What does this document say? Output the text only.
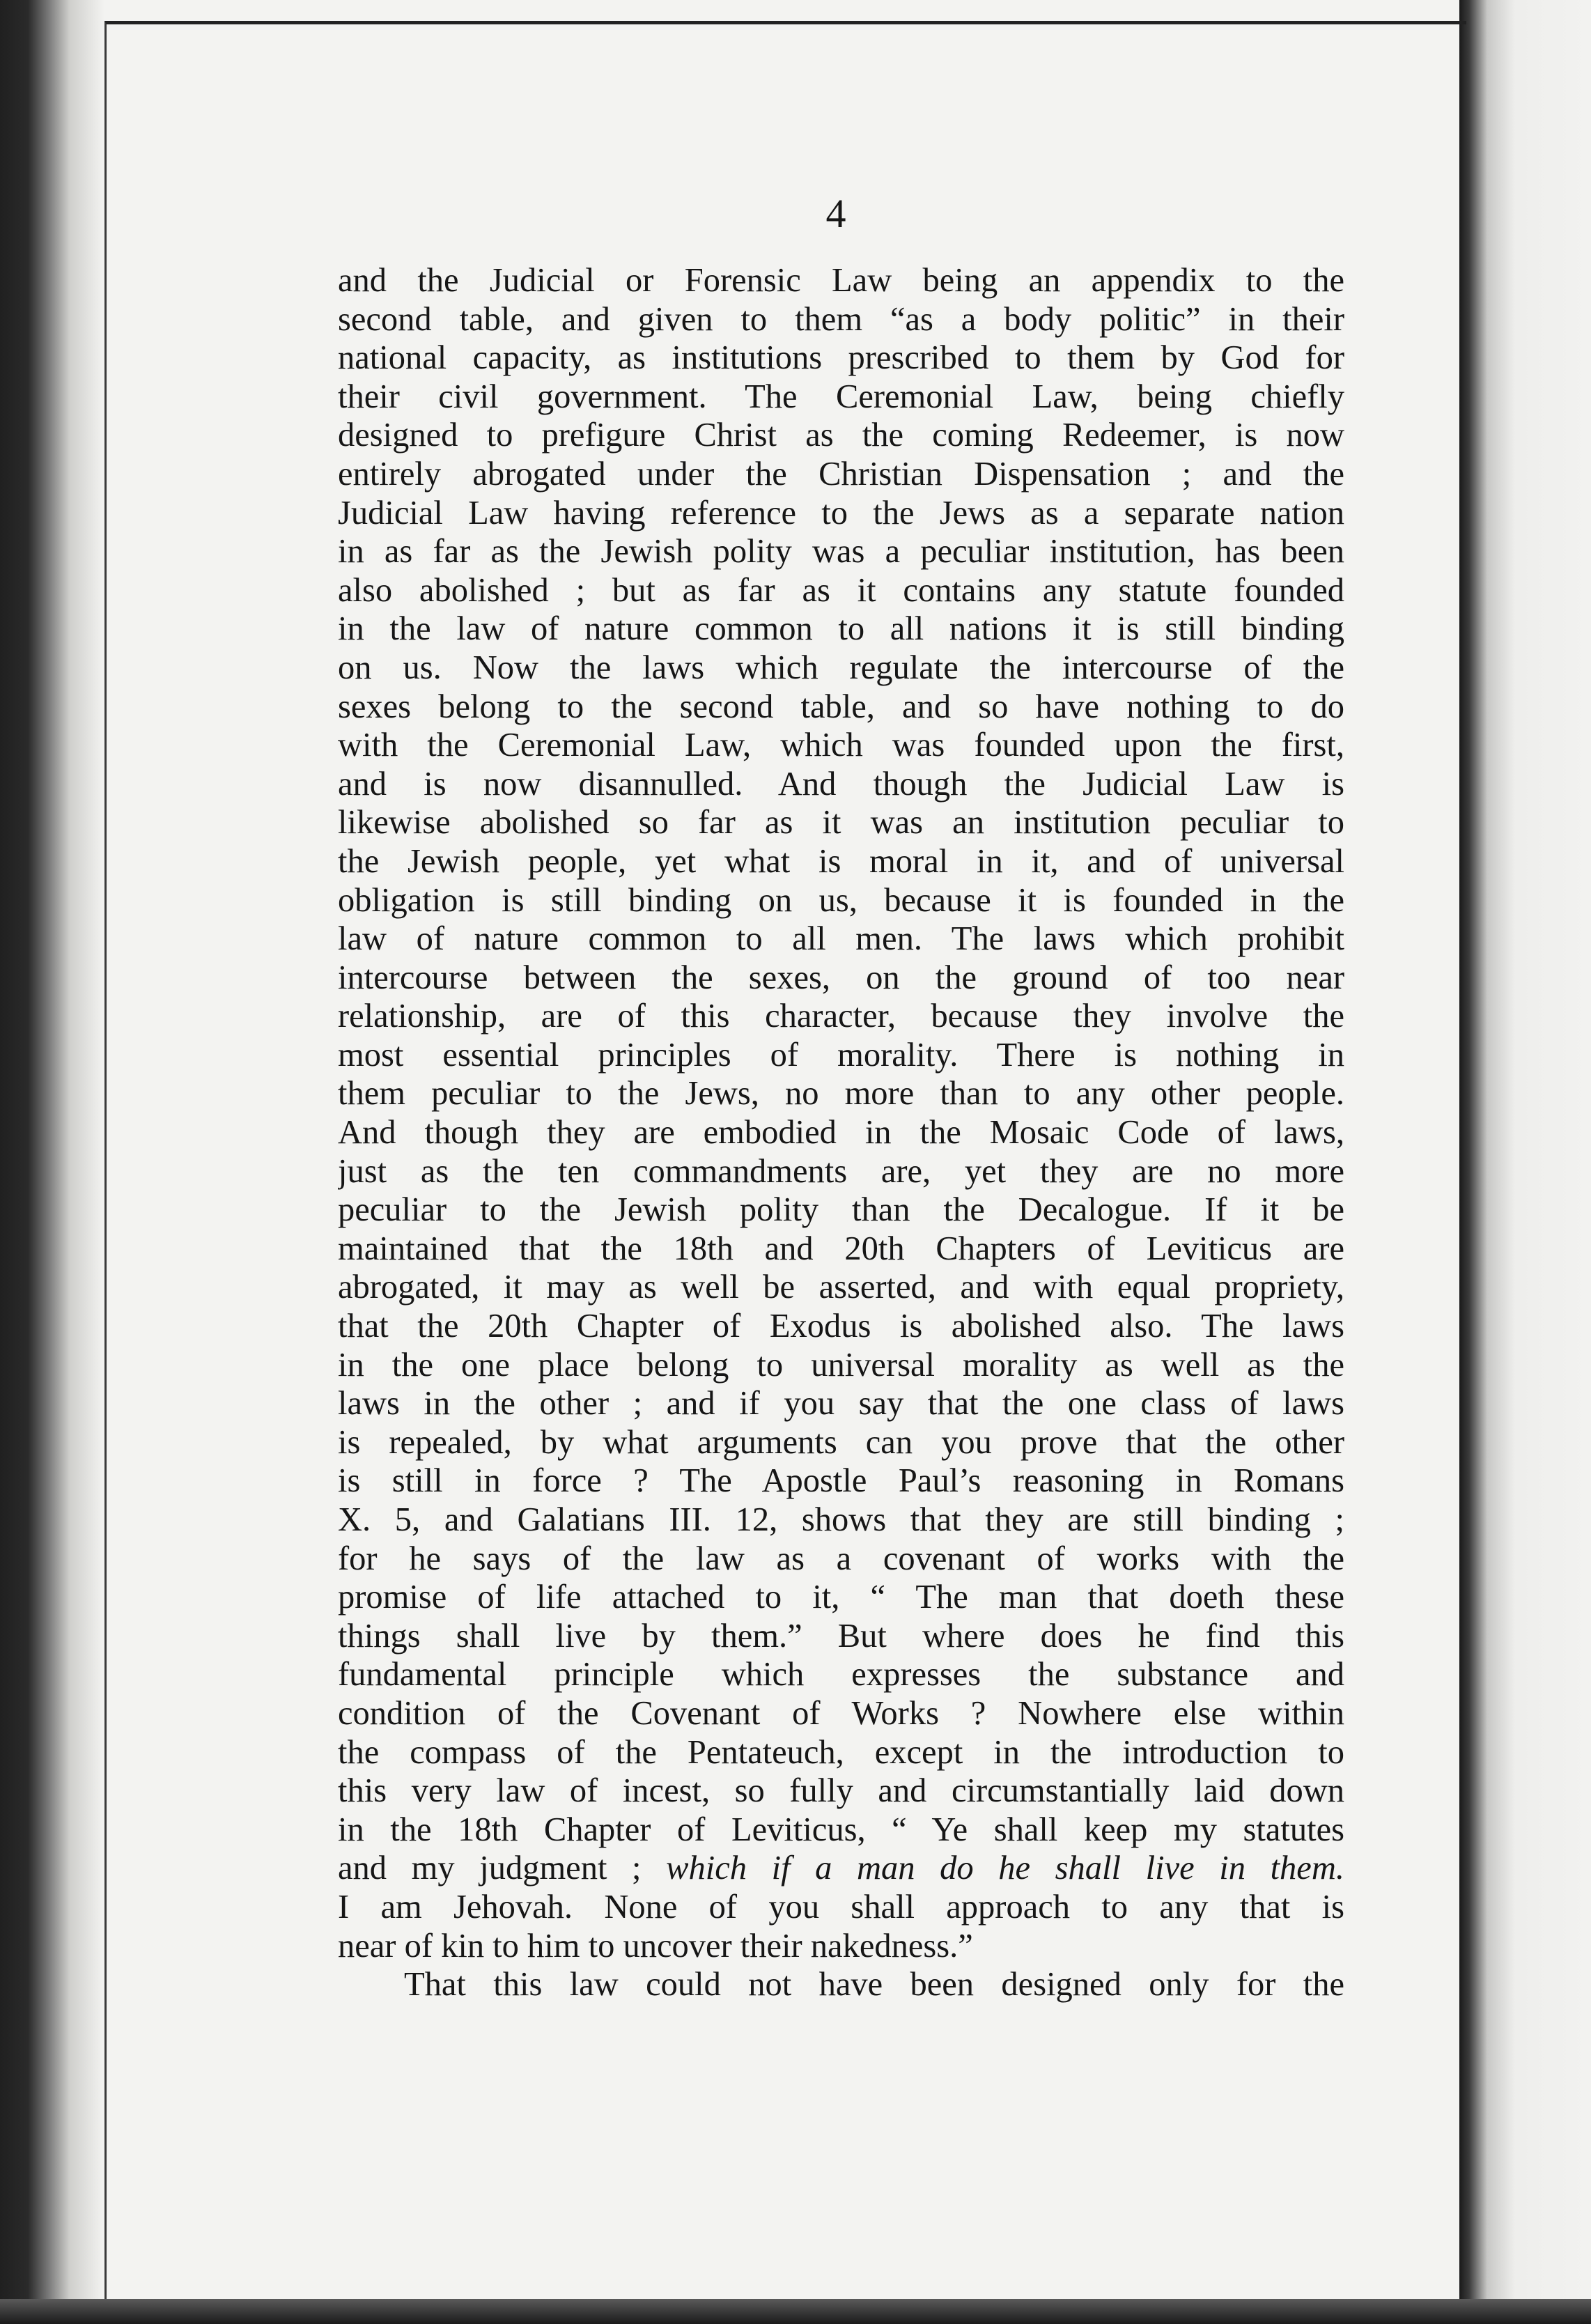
4
and the Judicial or Forensic Law being an appendix to the
second table, and given to them “as a body politic” in their
national capacity, as institutions prescribed to them by God for
their civil government. The Ceremonial Law, being chiefly
designed to prefigure Christ as the coming Redeemer, is now
entirely abrogated under the Christian Dispensation ; and the
Judicial Law having reference to the Jews as a separate nation
in as far as the Jewish polity was a peculiar institution, has been
also abolished ; but as far as it contains any statute founded
in the law of nature common to all nations it is still binding
on us. Now the laws which regulate the intercourse of the
sexes belong to the second table, and so have nothing to do
with the Ceremonial Law, which was founded upon the first,
and is now disannulled. And though the Judicial Law is
likewise abolished so far as it was an institution peculiar to
the Jewish people, yet what is moral in it, and of universal
obligation is still binding on us, because it is founded in the
law of nature common to all men. The laws which prohibit
intercourse between the sexes, on the ground of too near
relationship, are of this character, because they involve the
most essential principles of morality. There is nothing in
them peculiar to the Jews, no more than to any other people.
And though they are embodied in the Mosaic Code of laws,
just as the ten commandments are, yet they are no more
peculiar to the Jewish polity than the Decalogue. If it be
maintained that the 18th and 20th Chapters of Leviticus are
abrogated, it may as well be asserted, and with equal propriety,
that the 20th Chapter of Exodus is abolished also. The laws
in the one place belong to universal morality as well as the
laws in the other ; and if you say that the one class of laws
is repealed, by what arguments can you prove that the other
is still in force ? The Apostle Paul’s reasoning in Romans
X. 5, and Galatians III. 12, shows that they are still binding ;
for he says of the law as a covenant of works with the
promise of life attached to it, “ The man that doeth these
things shall live by them.” But where does he find this
fundamental principle which expresses the substance and
condition of the Covenant of Works ? Nowhere else within
the compass of the Pentateuch, except in the introduction to
this very law of incest, so fully and circumstantially laid down
in the 18th Chapter of Leviticus, “ Ye shall keep my statutes
and my judgment ; which if a man do he shall live in them.
I am Jehovah. None of you shall approach to any that is
near of kin to him to uncover their nakedness.”
That this law could not have been designed only for the
